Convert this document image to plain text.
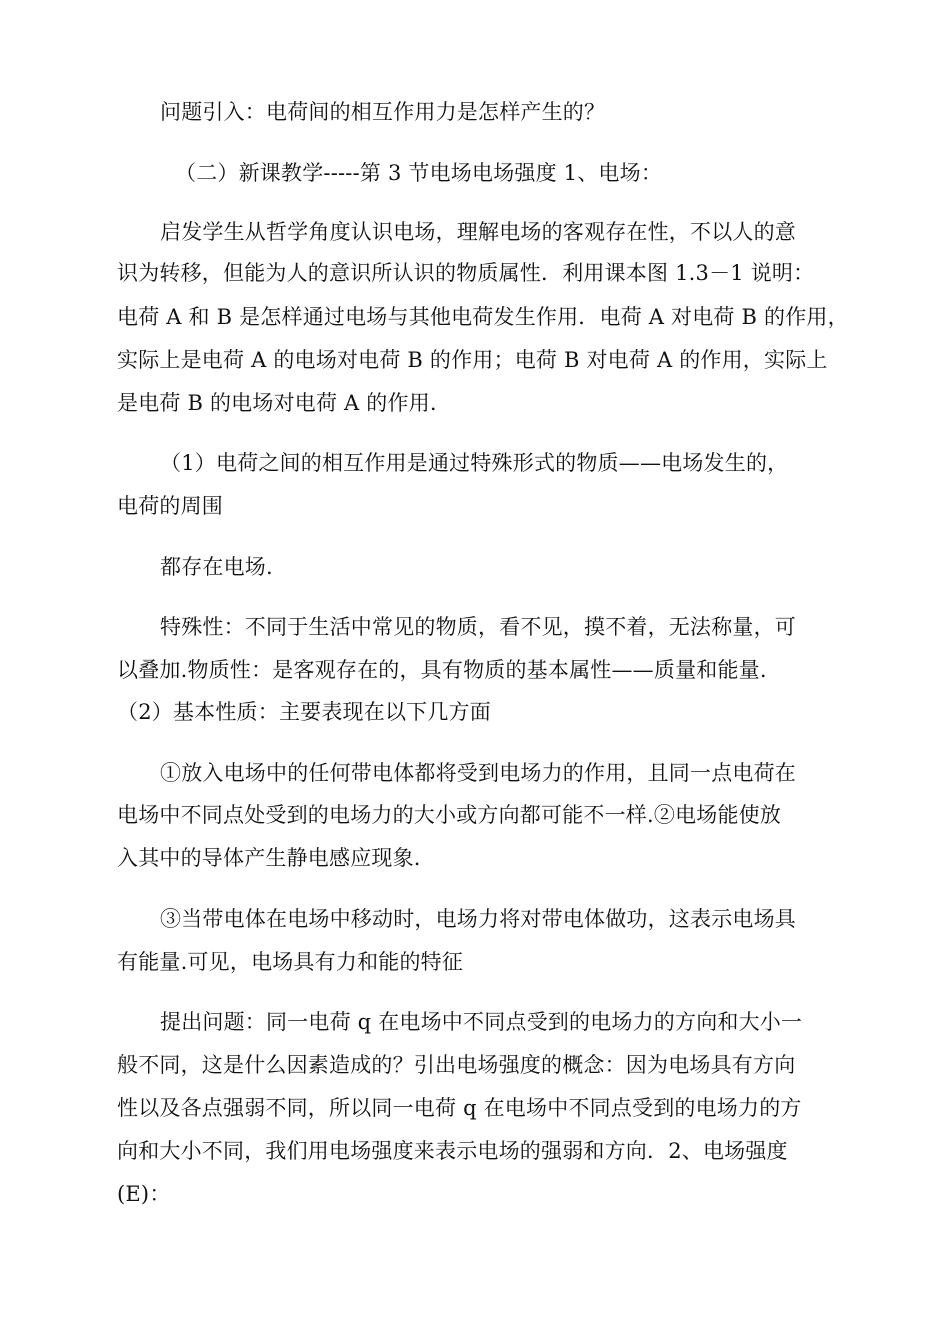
问题引入：电荷间的相互作用力是怎样产生的？
（二）新课教学-----第 3 节电场电场强度 1、电场：
启发学生从哲学角度认识电场，理解电场的客观存在性，不以人的意
识为转移，但能为人的意识所认识的物质属性．利用课本图 1.3－1 说明：
电荷 A 和 B 是怎样通过电场与其他电荷发生作用．电荷 A 对电荷 B 的作用，
实际上是电荷 A 的电场对电荷 B 的作用；电荷 B 对电荷 A 的作用，实际上
是电荷 B 的电场对电荷 A 的作用.
（1）电荷之间的相互作用是通过特殊形式的物质——电场发生的，
电荷的周围
都存在电场.
特殊性：不同于生活中常见的物质，看不见，摸不着，无法称量，可
以叠加.物质性：是客观存在的，具有物质的基本属性——质量和能量.
（2）基本性质：主要表现在以下几方面
①放入电场中的任何带电体都将受到电场力的作用，且同一点电荷在
电场中不同点处受到的电场力的大小或方向都可能不一样.②电场能使放
入其中的导体产生静电感应现象.
③当带电体在电场中移动时，电场力将对带电体做功，这表示电场具
有能量.可见，电场具有力和能的特征
提出问题：同一电荷 q 在电场中不同点受到的电场力的方向和大小一
般不同，这是什么因素造成的？引出电场强度的概念：因为电场具有方向
性以及各点强弱不同，所以同一电荷 q 在电场中不同点受到的电场力的方
向和大小不同，我们用电场强度来表示电场的强弱和方向．2、电场强度
(E)：
